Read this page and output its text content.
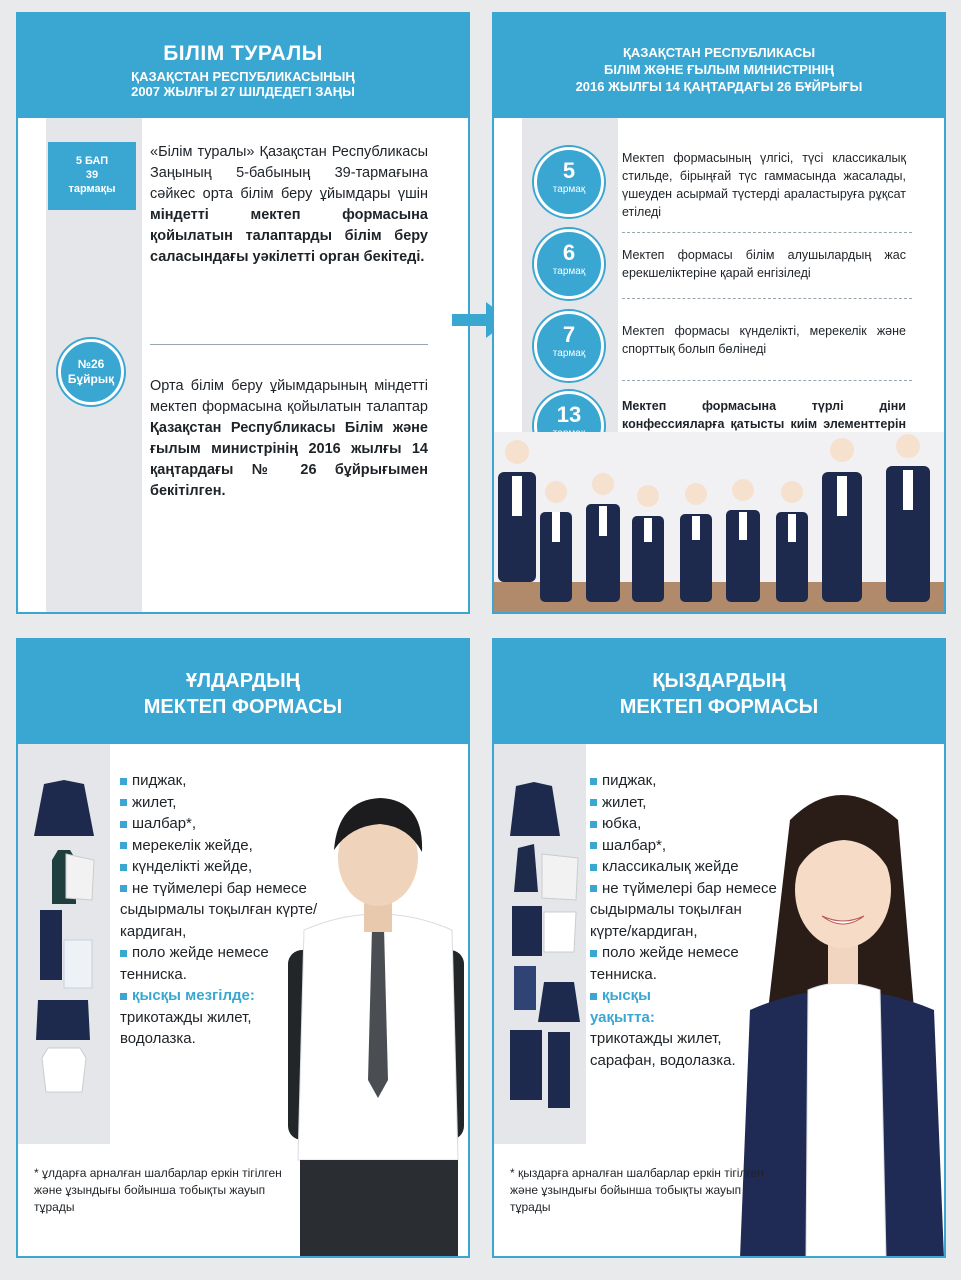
БІЛІМ ТУРАЛЫ
ҚАЗАҚСТАН РЕСПУБЛИКАСЫНЫҢ
2007 ЖЫЛҒЫ 27 ШІЛДЕДЕГІ ЗАҢЫ
5 БАП
39
тармақы
№26
Бұйрық
«Білім туралы» Қазақстан Республикасы Заңының 5-бабының 39-тармағына сәйкес орта білім беру ұйымдары үшін міндетті мектеп формасына қойылатын талаптарды білім беру саласындағы уәкілетті орган бекітеді.
Орта білім беру ұйымдарының міндетті мектеп формасына қойылатын талаптар Қазақстан Республикасы Білім және ғылым министрінің 2016 жылғы 14 қаңтардағы № 26 бұйрығымен бекітілген.
ҚАЗАҚСТАН РЕСПУБЛИКАСЫ
БІЛІМ ЖӘНЕ ҒЫЛЫМ МИНИСТРІНІҢ
2016 ЖЫЛҒЫ 14 ҚАҢТАРДАҒЫ 26 БҰЙРЫҒЫ
5
тармақ
Мектеп формасының үлгісі, түсі классикалық стильде, бірыңғай түс гаммасында жасалады, үшеуден асырмай түстерді араластыруға рұқсат етіледі
6
тармақ
Мектеп формасы білім алушылардың жас ерекшеліктеріне қарай енгізіледі
7
тармақ
Мектеп формасы күнделікті, мерекелік және спорттық болып бөлінеді
13	Мектеп формасына түрлі діни конфессияларға қатысты киім элементтерін
ҰЛДАРДЫҢ
МЕКТЕП ФОРМАСЫ
пиджак,
жилет,
шалбар*,
мерекелік жейде,
күнделікті жейде,
не түймелері бар немесе сыдырмалы тоқылған күрте/кардиган,
поло жейде немесе тенниска.
қысқы мезгілде:
трикотажды жилет, водолазка.
* ұлдарға арналған шалбарлар еркін тігілген және ұзындығы бойынша тобықты жауып тұрады
ҚЫЗДАРДЫҢ
МЕКТЕП ФОРМАСЫ
пиджак,
жилет,
юбка,
шалбар*,
классикалық жейде
не түймелері бар немесе сыдырмалы тоқылған күрте/кардиган,
поло жейде немесе тенниска.
қысқы
уақытта:
трикотажды жилет, сарафан, водолазка.
* қыздарға арналған шалбарлар еркін тігілген және ұзындығы бойынша тобықты жауып тұрады
